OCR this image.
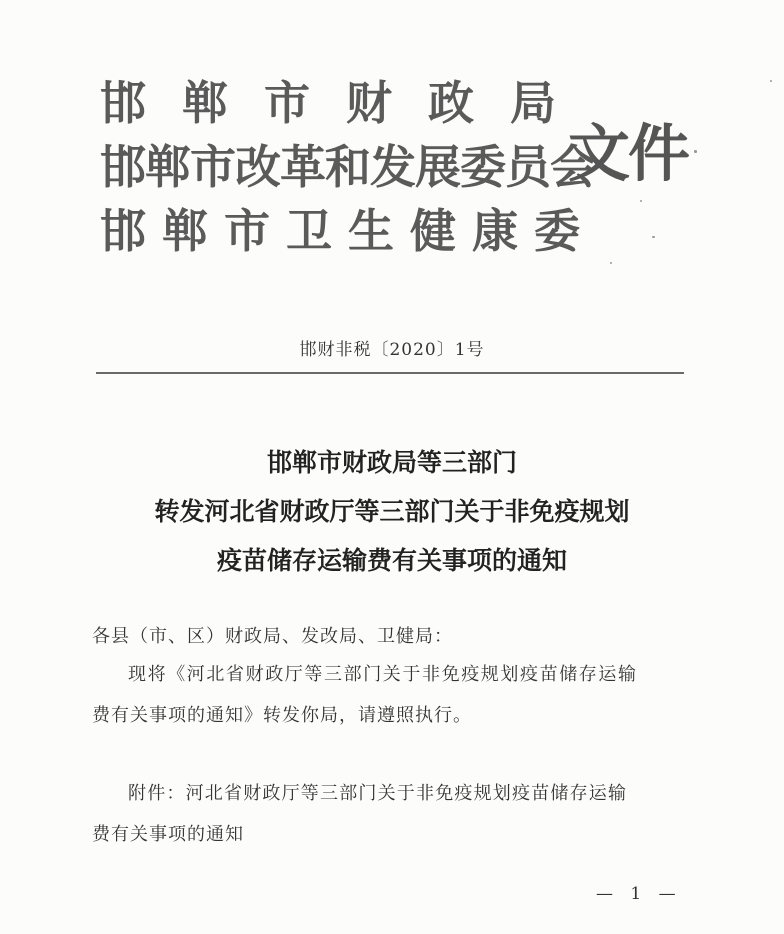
邯郸市财政局
邯郸市改革和发展委员会
邯郸市卫生健康委
文件
邯财非税〔2020〕1号
邯郸市财政局等三部门
转发河北省财政厅等三部门关于非免疫规划
疫苗储存运输费有关事项的通知
各县（市、区）财政局、发改局、卫健局：
现将《河北省财政厅等三部门关于非免疫规划疫苗储存运输
费有关事项的通知》转发你局，请遵照执行。
附件：河北省财政厅等三部门关于非免疫规划疫苗储存运输
费有关事项的通知
— 1 —
